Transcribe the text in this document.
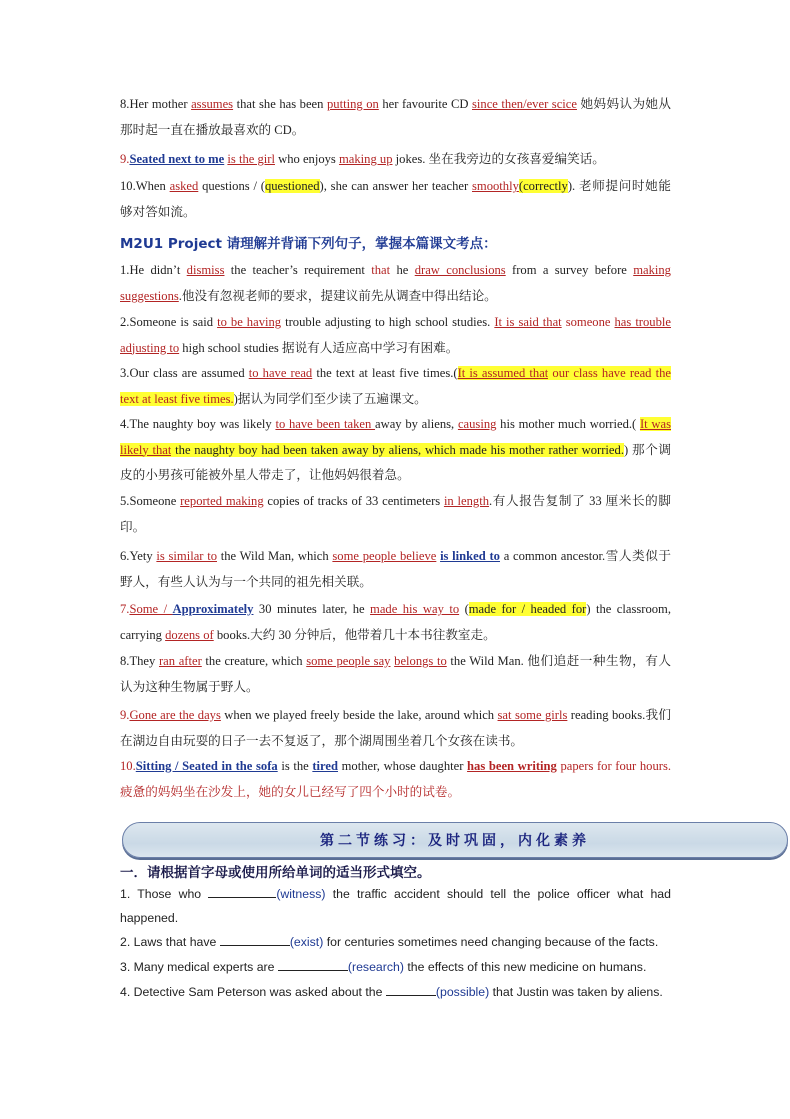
8.Her mother assumes that she has been putting on her favourite CD since then/ever scice 她妈妈认为她从那时起一直在播放最喜欢的 CD。

9.Seated next to me is the girl who enjoys making up jokes. 坐在我旁边的女孩喜爱编笑话。

10.When asked questions / (questioned), she can answer her teacher smoothly(correctly). 老师提问时她能够对答如流。

M2U1 Project 请理解并背诵下列句子，掌握本篇课文考点：

1.He didn’t dismiss the teacher’s requirement that he draw conclusions from a survey before making suggestions.他没有忽视老师的要求，提建议前先从调查中得出结论。

2.Someone is said to be having trouble adjusting to high school studies. It is said that someone has trouble adjusting to high school studies 据说有人适应高中学习有困难。

3.Our class are assumed to have read the text at least five times.(It is assumed that our class have read the text at least five times.)据认为同学们至少读了五遍课文。

4.The naughty boy was likely to have been taken away by aliens, causing his mother much worried.( It was likely that the naughty boy had been taken away by aliens, which made his mother rather worried.) 那个调皮的小男孩可能被外星人带走了，让他妈妈很着急。

5.Someone reported making copies of tracks of 33 centimeters in length.有人报告复制了 33 厘米长的脚印。

6.Yety is similar to the Wild Man, which some people believe is linked to a common ancestor.雪人类似于野人，有些人认为与一个共同的祖先相关联。

7.Some / Approximately 30 minutes later, he made his way to (made for / headed for) the classroom, carrying dozens of books.大约 30 分钟后，他带着几十本书往教室走。

8.They ran after the creature, which some people say belongs to the Wild Man. 他们追赶一种生物，有人认为这种生物属于野人。

9.Gone are the days when we played freely beside the lake, around which sat some girls reading books.我们在湖边自由玩耍的日子一去不复返了，那个湖周围坐着几个女孩在读书。

10.Sitting / Seated in the sofa is the tired mother, whose daughter has been writing papers for four hours.疲惫的妈妈坐在沙发上，她的女儿已经写了四个小时的试卷。

第二节练习：及时巩固，内化素养
一．请根据首字母或使用所给单词的适当形式填空。

1. Those who	(witness) the traffic accident should tell the police officer what had happened.

2. Laws that have	(exist) for centuries sometimes need changing because of the facts.

3. Many medical experts are	(research) the effects of this new medicine on humans.

4. Detective Sam Peterson was asked about the	(possible) that Justin was taken by aliens.
